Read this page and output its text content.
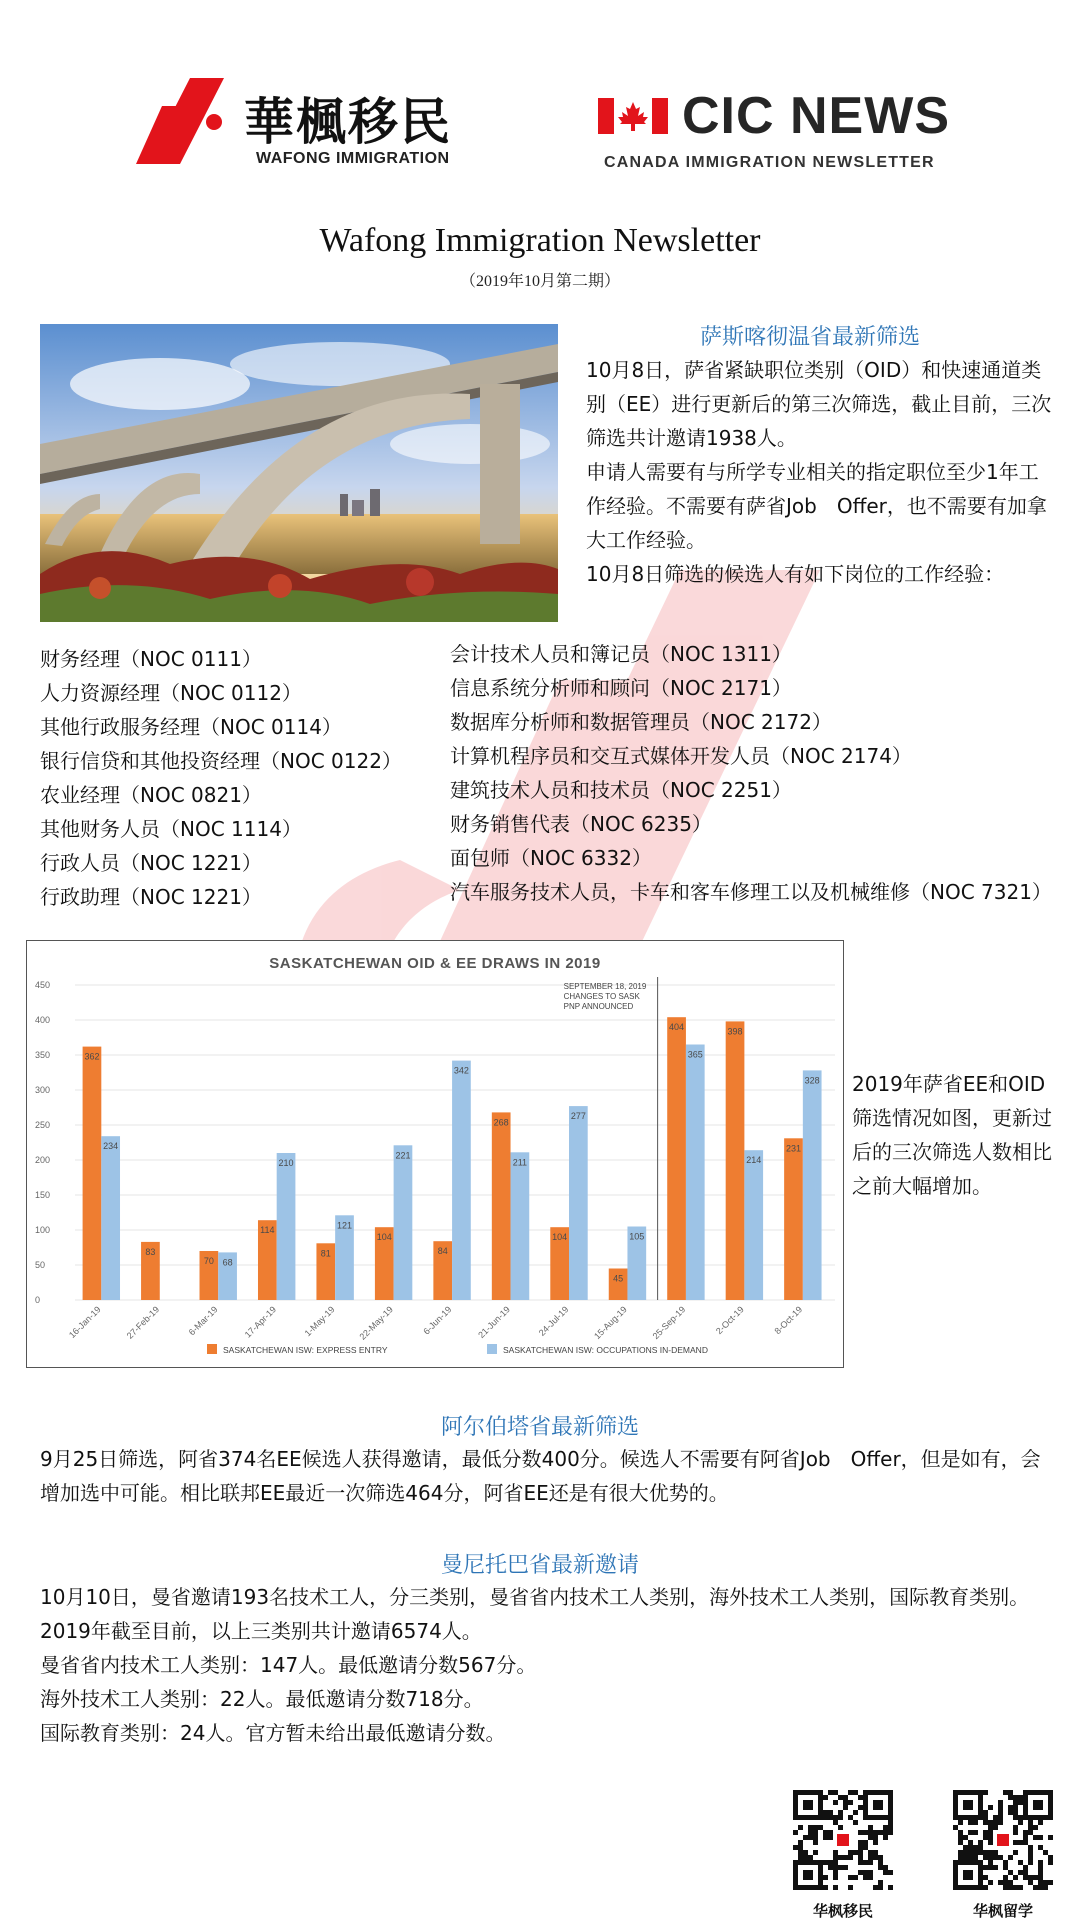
華楓移民
WAFONG IMMIGRATION
CIC NEWS
CANADA IMMIGRATION NEWSLETTER
Wafong Immigration Newsletter
（2019年10月第二期）
萨斯喀彻温省最新筛选

10月8日，萨省紧缺职位类别（OID）和快速通道类别（EE）进行更新后的第三次筛选，截止目前，三次筛选共计邀请1938人。

申请人需要有与所学专业相关的指定职位至少1年工作经验。不需要有萨省Job　Offer，也不需要有加拿大工作经验。

10月8日筛选的候选人有如下岗位的工作经验：

财务经理（NOC 0111）
人力资源经理（NOC 0112）
其他行政服务经理（NOC 0114）
银行信贷和其他投资经理（NOC 0122）
农业经理（NOC 0821）
其他财务人员（NOC 1114）
行政人员（NOC 1221）
行政助理（NOC 1221）
会计技术人员和簿记员（NOC 1311）
信息系统分析师和顾问（NOC 2171）
数据库分析师和数据管理员（NOC 2172）
计算机程序员和交互式媒体开发人员（NOC 2174）
建筑技术人员和技术员（NOC 2251）
财务销售代表（NOC 6235）
面包师（NOC 6332）
汽车服务技术人员，卡车和客车修理工以及机械维修（NOC 7321）
SASKATCHEWAN OID & EE DRAWS IN 2019
0
50
100
150
200
250
300
350
400
450
362
234
16-Jan-19
83
27-Feb-19
70 68
6-Mar-19
114
210
17-Apr-19
81
121
1-May-19
104
221
22-May-19
84
342
6-Jun-19
268
211
21-Jun-19
104
277
24-Jul-19
45
105
15-Aug-19
404
365
25-Sep-19
398
214
2-Oct-19
231
328
8-Oct-19
SEPTEMBER 18, 2019
CHANGES TO SASK
PNP ANNOUNCED
SASKATCHEWAN ISW: EXPRESS ENTRY	SASKATCHEWAN ISW: OCCUPATIONS IN-DEMAND
2019年萨省EE和OID筛选情况如图，更新过后的三次筛选人数相比之前大幅增加。
阿尔伯塔省最新筛选
9月25日筛选，阿省374名EE候选人获得邀请，最低分数400分。候选人不需要有阿省Job　Offer，但是如有，会增加选中可能。相比联邦EE最近一次筛选464分，阿省EE还是有很大优势的。
曼尼托巴省最新邀请

10月10日，曼省邀请193名技术工人，分三类别，曼省省内技术工人类别，海外技术工人类别，国际教育类别。2019年截至目前，以上三类别共计邀请6574人。

曼省省内技术工人类别：147人。最低邀请分数567分。

海外技术工人类别：22人。最低邀请分数718分。

国际教育类别：24人。官方暂未给出最低邀请分数。

华枫移民	华枫留学
